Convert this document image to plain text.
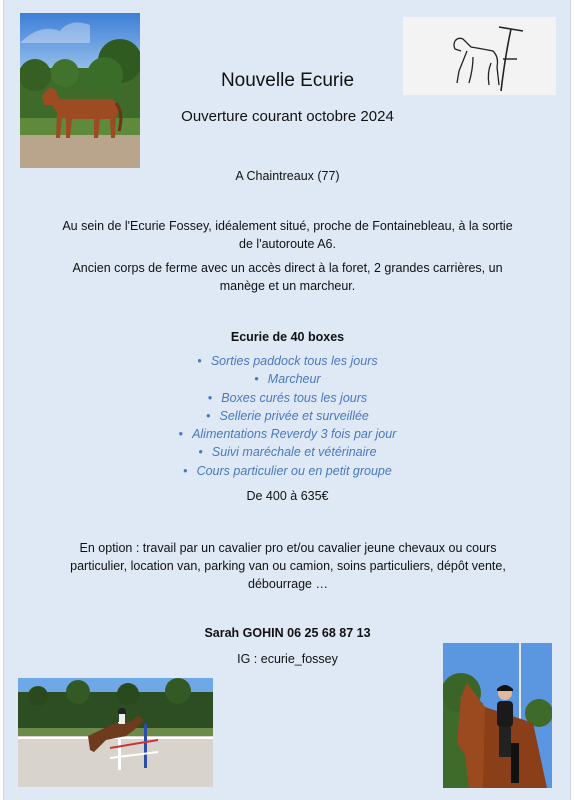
Nouvelle Ecurie
Ouverture courant octobre 2024
A Chaintreaux (77)
Au sein de l'Ecurie Fossey, idéalement situé, proche de Fontainebleau, à la sortie de l'autoroute A6.
Ancien corps de ferme avec un accès direct à la foret, 2 grandes carrières, un manège et un marcheur.
Ecurie de 40 boxes
• Sorties paddock tous les jours
• Marcheur
• Boxes curés tous les jours
• Sellerie privée et surveillée
• Alimentations Reverdy 3 fois par jour
• Suivi maréchale et vétérinaire
• Cours particulier ou en petit groupe
De 400 à 635€
En option : travail par un cavalier pro et/ou cavalier jeune chevaux ou cours particulier, location van, parking van ou camion, soins particuliers, dépôt vente, débourrage …
Sarah GOHIN 06 25 68 87 13
IG : ecurie_fossey
